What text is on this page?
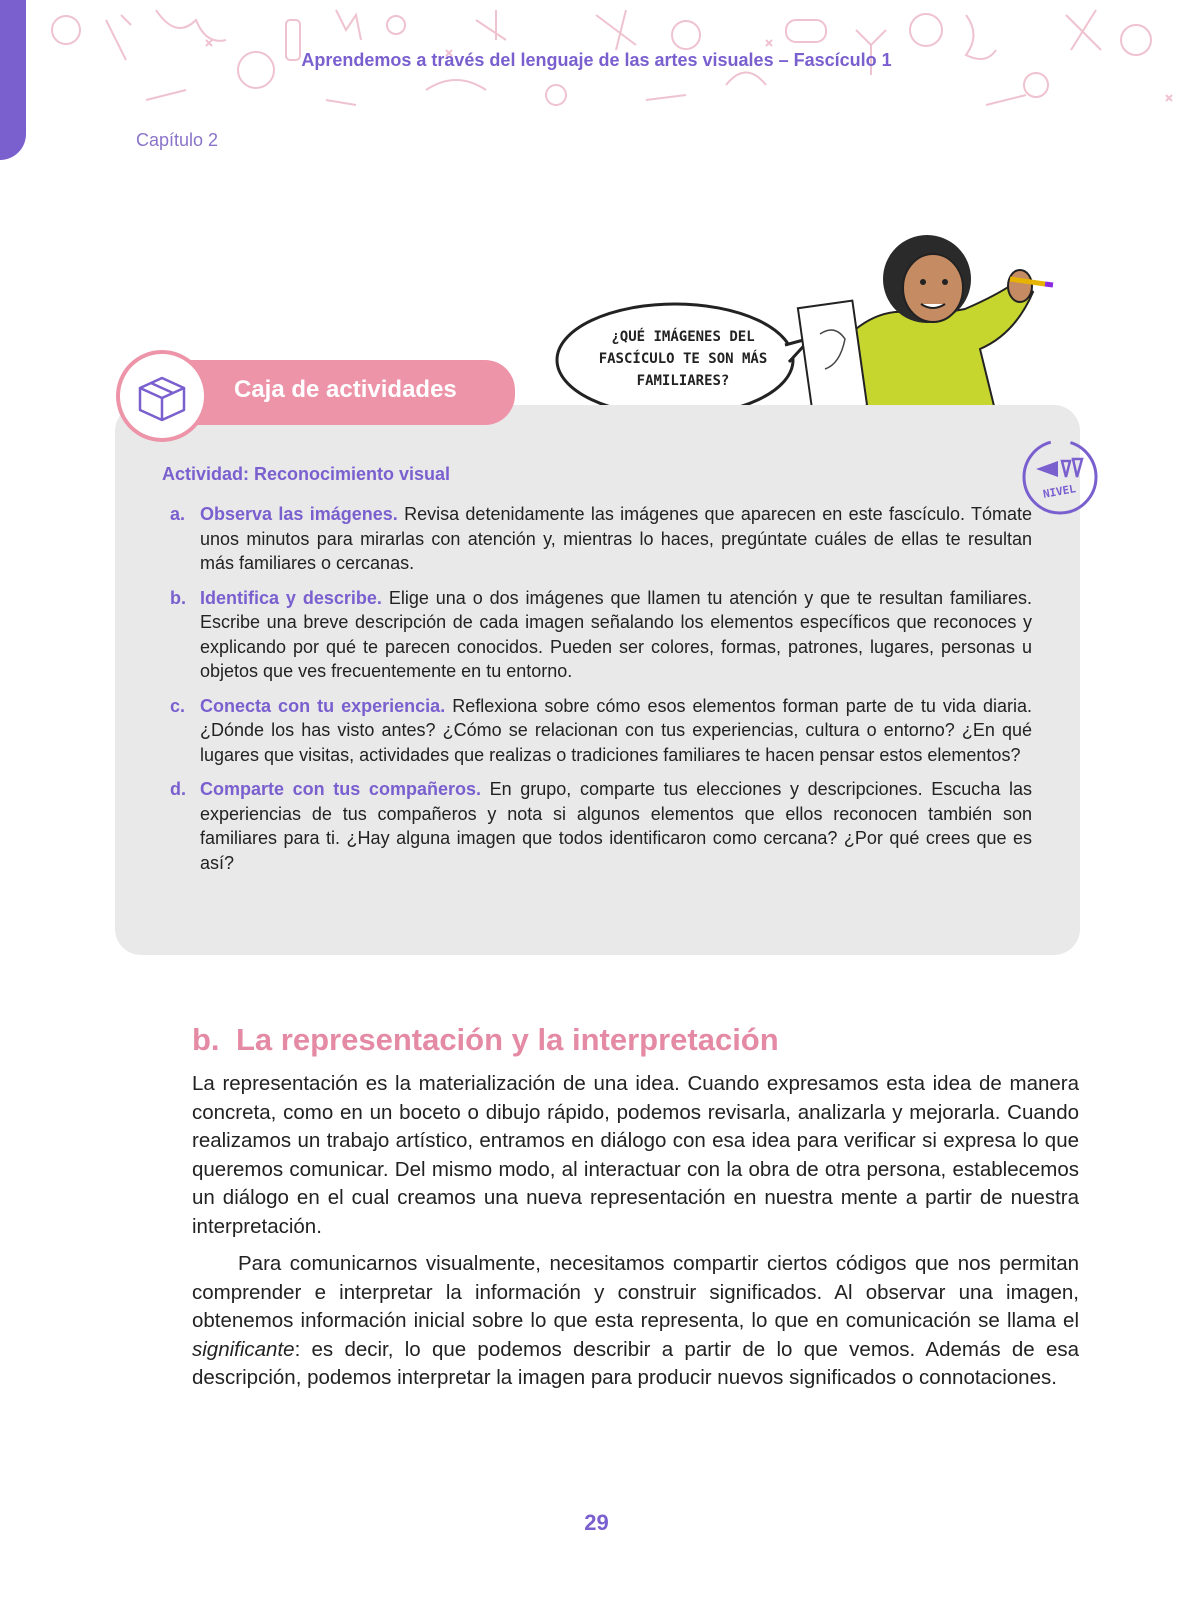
Aprendemos a través del lenguaje de las artes visuales – Fascículo 1
Capítulo 2
¿QUÉ IMÁGENES DEL FASCÍCULO TE SON MÁS FAMILIARES?
Caja de actividades
NIVEL
Actividad: Reconocimiento visual
a. Observa las imágenes. Revisa detenidamente las imágenes que aparecen en este fascículo. Tómate unos minutos para mirarlas con atención y, mientras lo haces, pregúntate cuáles de ellas te resultan más familiares o cercanas.
b. Identifica y describe. Elige una o dos imágenes que llamen tu atención y que te resultan familiares. Escribe una breve descripción de cada imagen señalando los elementos específicos que reconoces y explicando por qué te parecen conocidos. Pueden ser colores, formas, patrones, lugares, personas u objetos que ves frecuentemente en tu entorno.
c. Conecta con tu experiencia. Reflexiona sobre cómo esos elementos forman parte de tu vida diaria. ¿Dónde los has visto antes? ¿Cómo se relacionan con tus experiencias, cultura o entorno? ¿En qué lugares que visitas, actividades que realizas o tradiciones familiares te hacen pensar estos elementos?
d. Comparte con tus compañeros. En grupo, comparte tus elecciones y descripciones. Escucha las experiencias de tus compañeros y nota si algunos elementos que ellos reconocen también son familiares para ti. ¿Hay alguna imagen que todos identificaron como cercana? ¿Por qué crees que es así?
b. La representación y la interpretación

La representación es la materialización de una idea. Cuando expresamos esta idea de manera concreta, como en un boceto o dibujo rápido, podemos revisarla, analizarla y mejorarla. Cuando realizamos un trabajo artístico, entramos en diálogo con esa idea para verificar si expresa lo que queremos comunicar. Del mismo modo, al interactuar con la obra de otra persona, establecemos un diálogo en el cual creamos una nueva representación en nuestra mente a partir de nuestra interpretación.

Para comunicarnos visualmente, necesitamos compartir ciertos códigos que nos permitan comprender e interpretar la información y construir significados. Al observar una imagen, obtenemos información inicial sobre lo que esta representa, lo que en comunicación se llama el significante: es decir, lo que podemos describir a partir de lo que vemos. Además de esa descripción, podemos interpretar la imagen para producir nuevos significados o connotaciones.

29
